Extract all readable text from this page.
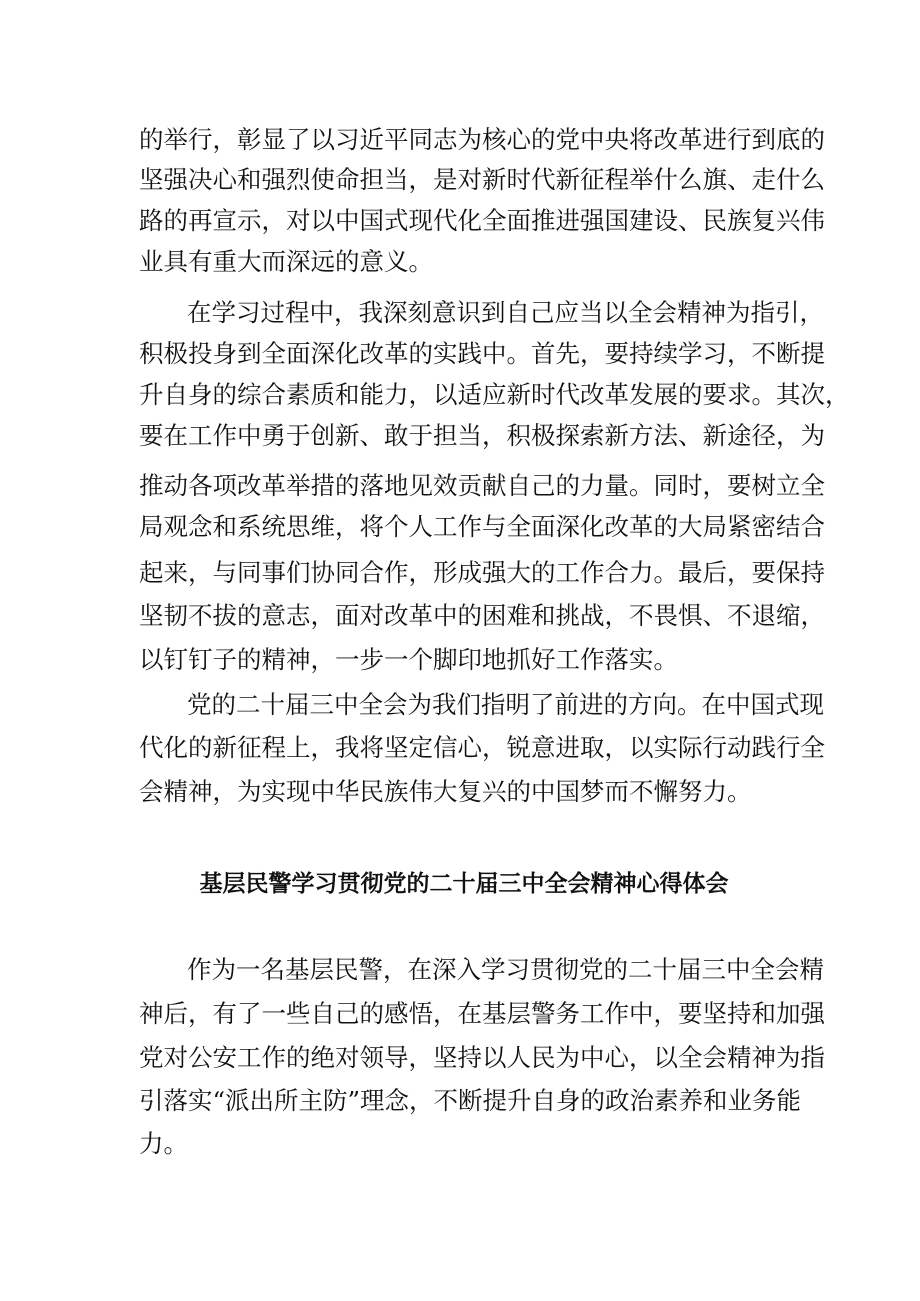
的举行，彰显了以习近平同志为核心的党中央将改革进行到底的
坚强决心和强烈使命担当，是对新时代新征程举什么旗、走什么
路的再宣示，对以中国式现代化全面推进强国建设、民族复兴伟
业具有重大而深远的意义。
在学习过程中，我深刻意识到自己应当以全会精神为指引，
积极投身到全面深化改革的实践中。首先，要持续学习，不断提
升自身的综合素质和能力，以适应新时代改革发展的要求。其次，
要在工作中勇于创新、敢于担当，积极探索新方法、新途径，为
推动各项改革举措的落地见效贡献自己的力量。同时，要树立全
局观念和系统思维，将个人工作与全面深化改革的大局紧密结合
起来，与同事们协同合作，形成强大的工作合力。最后，要保持
坚韧不拔的意志，面对改革中的困难和挑战，不畏惧、不退缩，
以钉钉子的精神，一步一个脚印地抓好工作落实。
党的二十届三中全会为我们指明了前进的方向。在中国式现
代化的新征程上，我将坚定信心，锐意进取，以实际行动践行全
会精神，为实现中华民族伟大复兴的中国梦而不懈努力。
基层民警学习贯彻党的二十届三中全会精神心得体会
作为一名基层民警，在深入学习贯彻党的二十届三中全会精
神后，有了一些自己的感悟，在基层警务工作中，要坚持和加强
党对公安工作的绝对领导，坚持以人民为中心，以全会精神为指
引落实“派出所主防”理念，不断提升自身的政治素养和业务能
力。
